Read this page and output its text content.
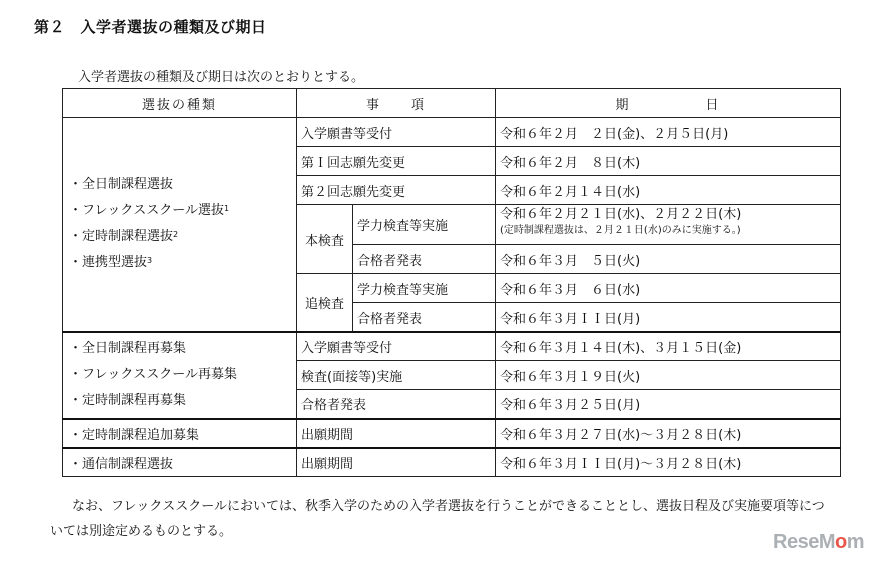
第２　入学者選抜の種類及び期日
入学者選抜の種類及び期日は次のとおりとする。
選抜の種類	事　　項		期　　　　　日

・全日制課程選抜
・フレックススクール選抜$^1$
・定時制課程選抜$^2$
・連携型選抜$^3$	入学願書等受付		令和６年２月　２日(金)、２月５日(月)
	第Ｉ回志願先変更		令和６年２月　８日(木)
	第２回志願先変更		令和６年２月１４日(水)
	本検査	学力検査等実施	令和６年２月２１日(水)、２月２２日(木)
(定時制課程選抜は、２月２１日(水)のみに実施する。)

		合格者発表	令和６年３月　５日(火)
	追検査	学力検査等実施	令和６年３月　６日(水)
		合格者発表	令和６年３月ＩＩ日(月)

・全日制課程再募集
・フレックススクール再募集
・定時制課程再募集	入学願書等受付		令和６年３月１４日(木)、３月１５日(金)
	検査(面接等)実施		令和６年３月１９日(火)
	合格者発表		令和６年３月２５日(月)
・定時制課程追加募集	出願期間		令和６年３月２７日(水)～３月２８日(木)
・通信制課程選抜	出願期間		令和６年３月ＩＩ日(月)～３月２８日(木)
なお、フレックススクールにおいては、秋季入学のための入学者選抜を行うことができることとし、選抜日程及び実施要項等については別途定めるものとする。	ReseMom
